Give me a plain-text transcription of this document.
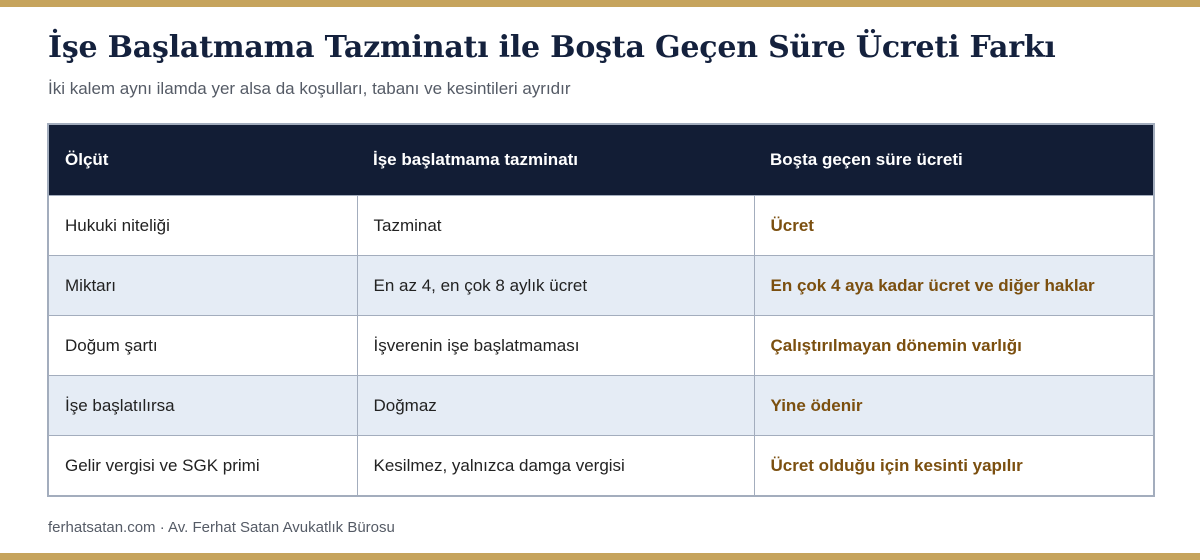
İşe Başlatmama Tazminatı ile Boşta Geçen Süre Ücreti Farkı

İki kalem aynı ilamda yer alsa da koşulları, tabanı ve kesintileri ayrıdır

Ölçüt	İşe başlatmama tazminatı	Boşta geçen süre ücreti
Hukuki niteliği	Tazminat	Ücret
Miktarı	En az 4, en çok 8 aylık ücret	En çok 4 aya kadar ücret ve diğer haklar
Doğum şartı	İşverenin işe başlatmaması	Çalıştırılmayan dönemin varlığı
İşe başlatılırsa	Doğmaz	Yine ödenir
Gelir vergisi ve SGK primi	Kesilmez, yalnızca damga vergisi	Ücret olduğu için kesinti yapılır

ferhatsatan.com · Av. Ferhat Satan Avukatlık Bürosu
